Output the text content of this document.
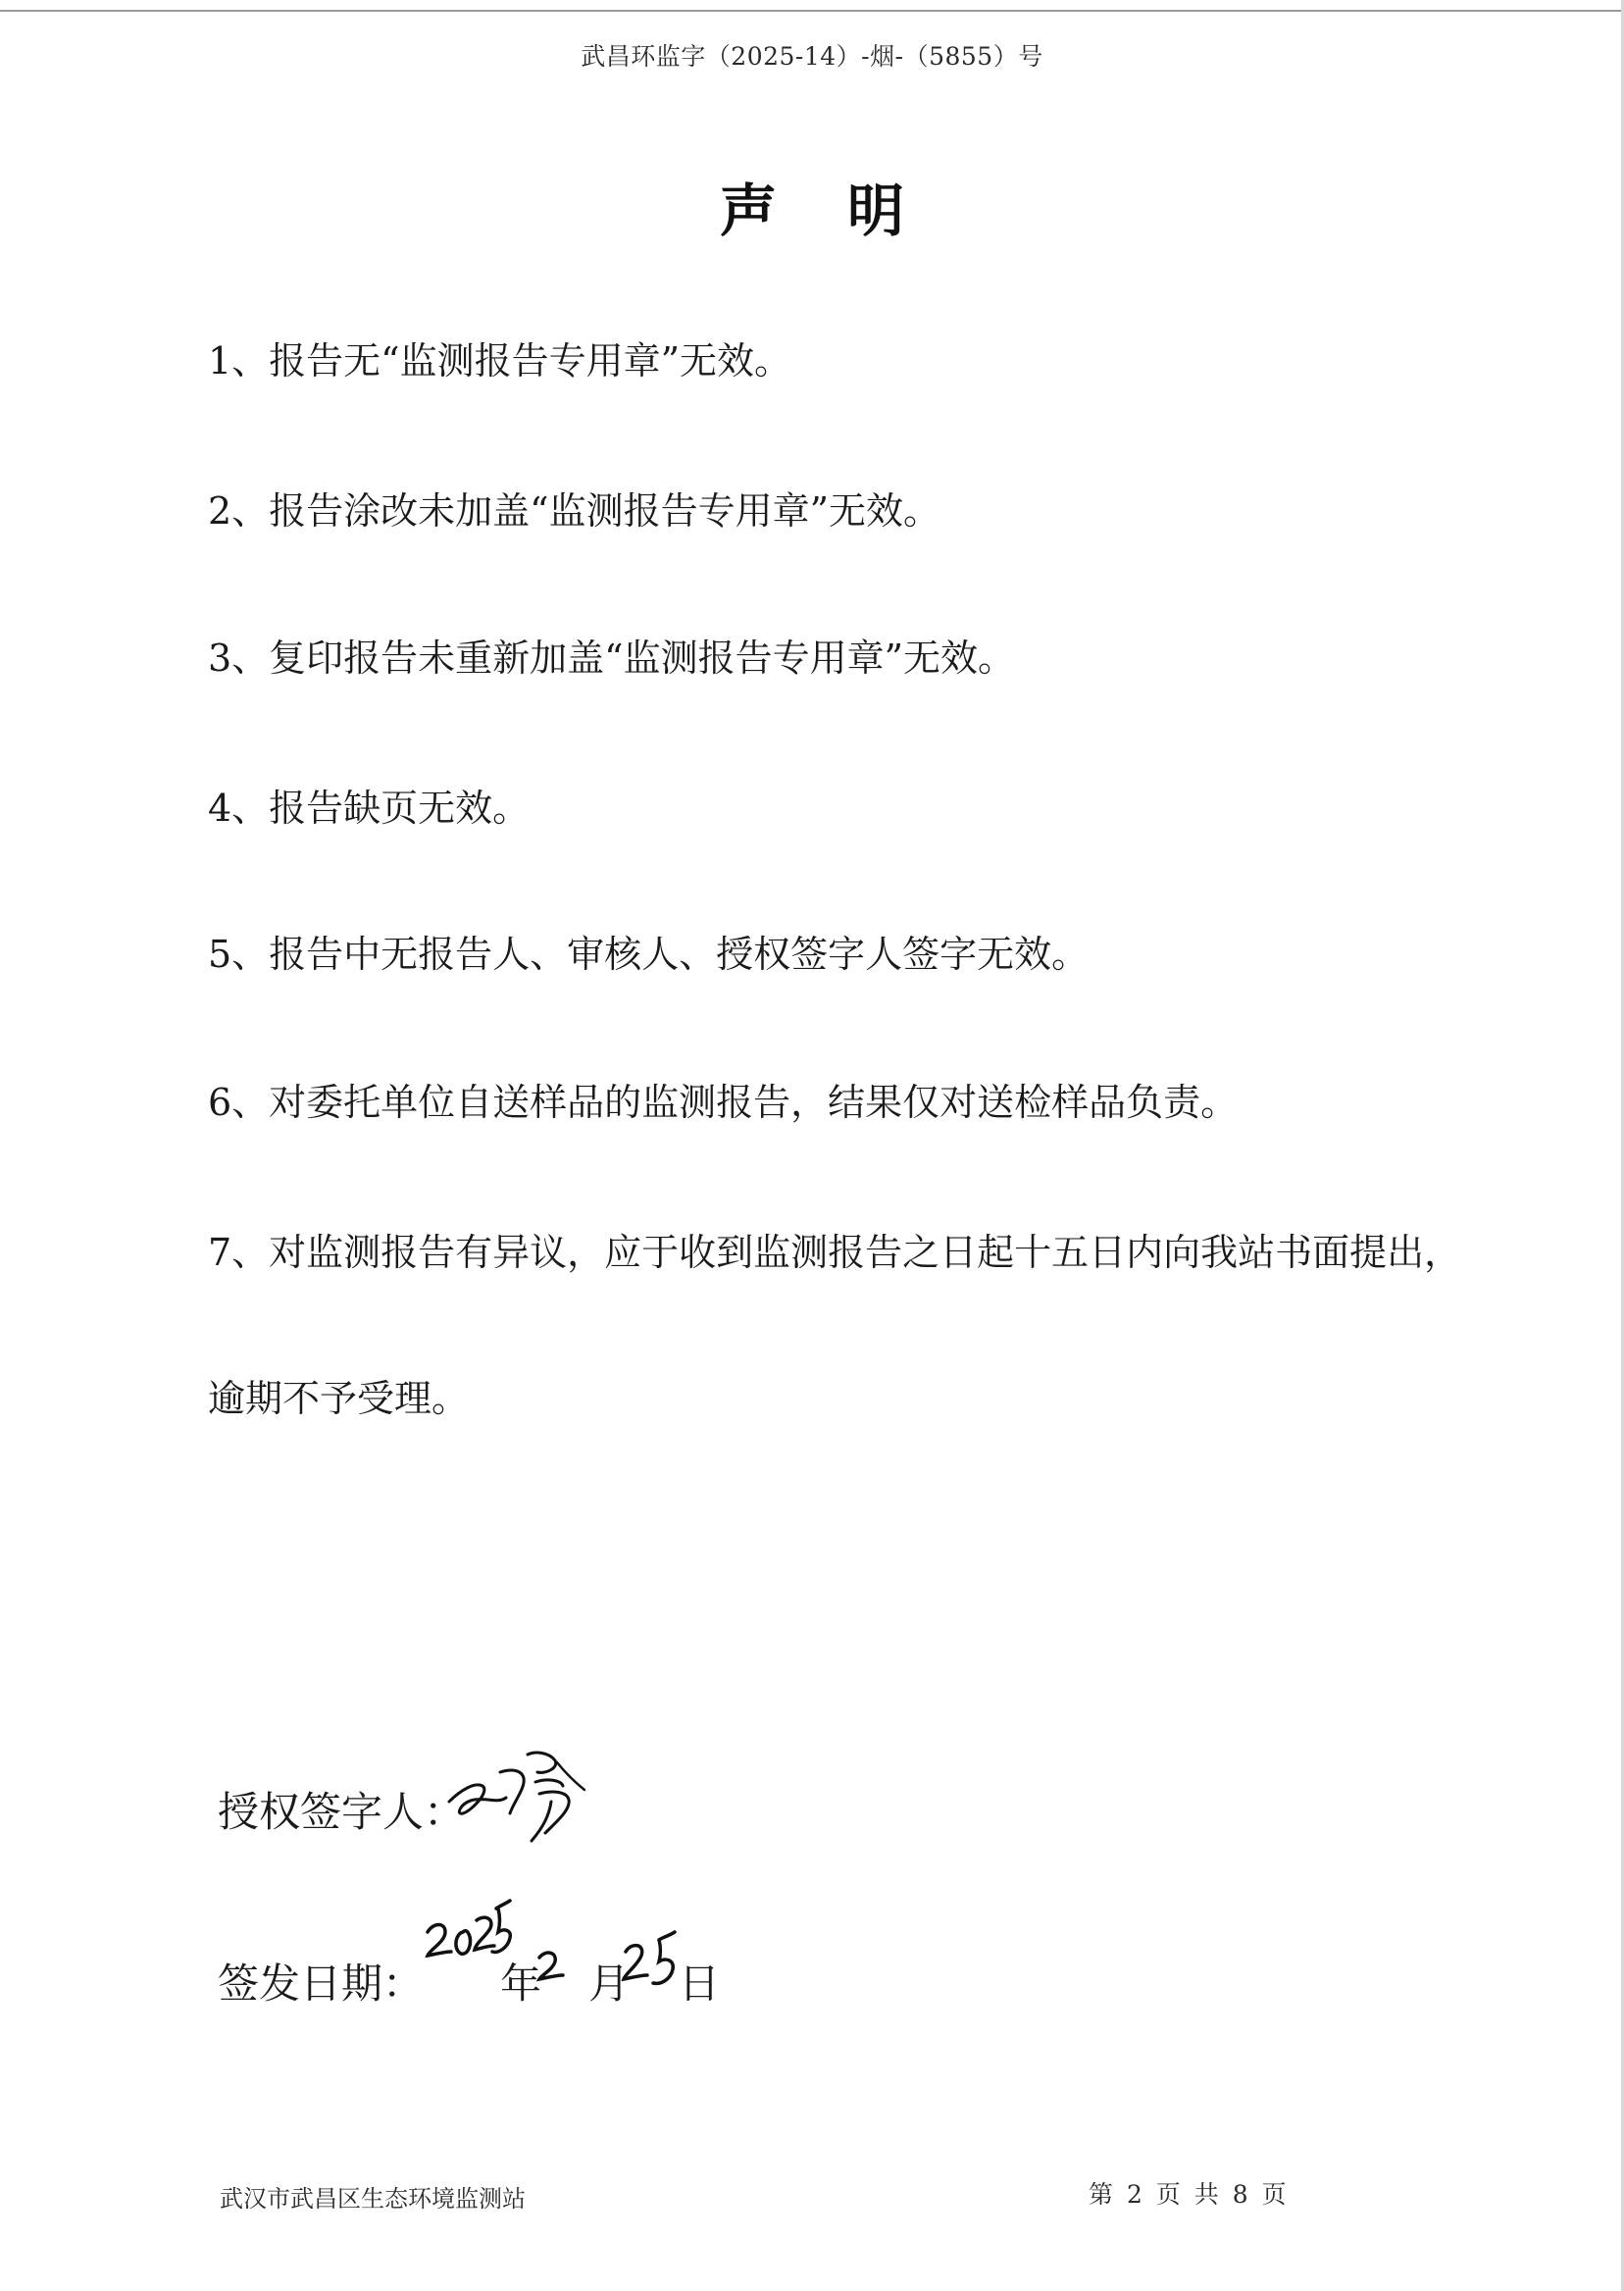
武昌环监字（2025-14）-烟-（5855）号
声明
1、报告无“监测报告专用章”无效。
2、报告涂改未加盖“监测报告专用章”无效。
3、复印报告未重新加盖“监测报告专用章”无效。
4、报告缺页无效。
5、报告中无报告人、审核人、授权签字人签字无效。
6、对委托单位自送样品的监测报告，结果仅对送检样品负责。
7、对监测报告有异议，应于收到监测报告之日起十五日内向我站书面提出，
逾期不予受理。
授权签字人：
签发日期： 年 月 日
武汉市武昌区生态环境监测站	第 2 页 共 8 页
